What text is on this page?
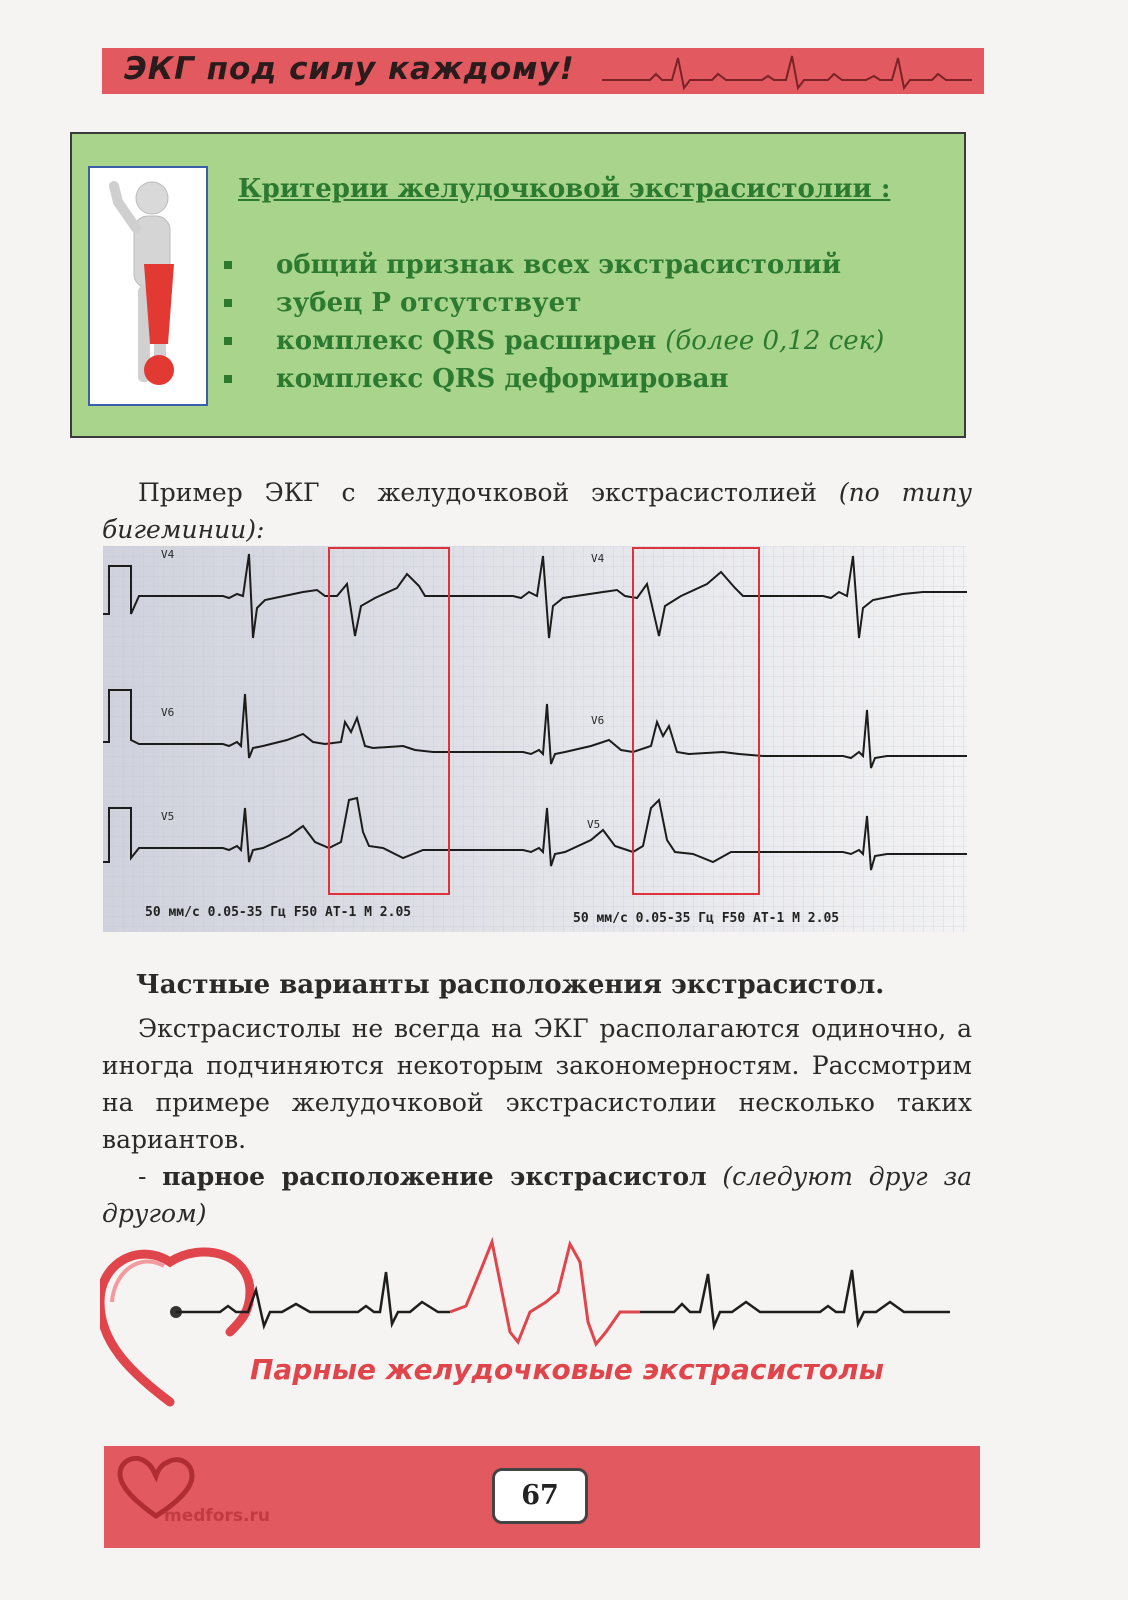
ЭКГ под силу каждому!
Критерии желудочковой экстрасистолии :
общий признак всех экстрасистолий
зубец Р отсутствует
комплекс QRS расширен (более 0,12 сек)
комплекс QRS деформирован
Пример ЭКГ с желудочковой экстрасистолией (по типу бигеминии):
V4	V4
V6
V6
V5
V5
50 мм/с 0.05-35 Гц F50 AT-1 M 2.05	50 мм/с 0.05-35 Гц F50 AT-1 M 2.05
Частные варианты расположения экстрасистол.
Экстрасистолы не всегда на ЭКГ располагаются одиночно, а иногда подчиняются некоторым закономерностям. Рассмотрим на примере желудочковой экстрасистолии несколько таких вариантов.
- парное расположение экстрасистол (следуют друг за другом)
Парные желудочковые экстрасистолы
medfors.ru
67
